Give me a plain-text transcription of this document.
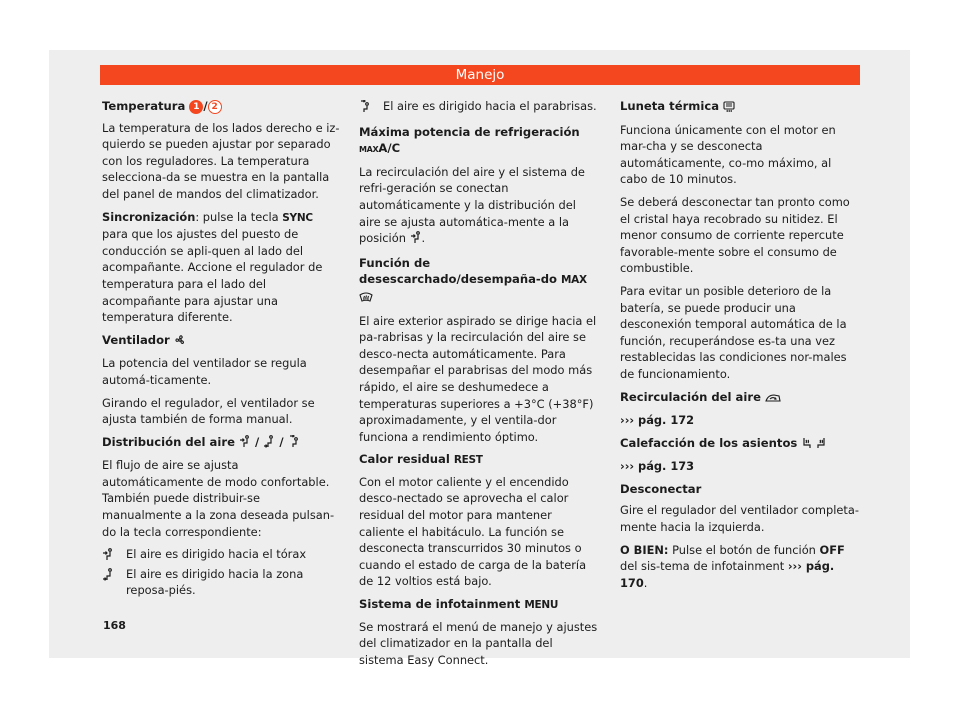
Manejo
Temperatura 1 / 2

La temperatura de los lados derecho e iz-quierdo se pueden ajustar por separado con los reguladores. La temperatura selecciona-da se muestra en la pantalla del panel de mandos del climatizador.

Sincronización: pulse la tecla SYNC para que los ajustes del puesto de conducción se apli-quen al lado del acompañante. Accione el regulador de temperatura para el lado del acompañante para ajustar una temperatura diferente.

Ventilador

La potencia del ventilador se regula automá-ticamente.

Girando el regulador, el ventilador se ajusta también de forma manual.

Distribución del aire  /  /

El flujo de aire se ajusta automáticamente de modo confortable. También puede distribuir-se manualmente a la zona deseada pulsan-do la tecla correspondiente:

El aire es dirigido hacia el tórax
El aire es dirigido hacia la zona reposa-piés.
El aire es dirigido hacia el parabrisas.
Máxima potencia de refrigeración MAXA/C

La recirculación del aire y el sistema de refri-geración se conectan automáticamente y la distribución del aire se ajusta automática-mente a la posición .

Función de desescarchado/desempaña-do MAX

El aire exterior aspirado se dirige hacia el pa-rabrisas y la recirculación del aire se desco-necta automáticamente. Para desempañar el parabrisas del modo más rápido, el aire se deshumedece a temperaturas superiores a +3°C (+38°F) aproximadamente, y el ventila-dor funciona a rendimiento óptimo.

Calor residual REST

Con el motor caliente y el encendido desco-nectado se aprovecha el calor residual del motor para mantener caliente el habitáculo. La función se desconecta transcurridos 30 minutos o cuando el estado de carga de la batería de 12 voltios está bajo.

Sistema de infotainment MENU

Se mostrará el menú de manejo y ajustes del climatizador en la pantalla del sistema Easy Connect.

Luneta térmica

Funciona únicamente con el motor en mar-cha y se desconecta automáticamente, co-mo máximo, al cabo de 10 minutos.

Se deberá desconectar tan pronto como el cristal haya recobrado su nitidez. El menor consumo de corriente repercute favorable-mente sobre el consumo de combustible.

Para evitar un posible deterioro de la batería, se puede producir una desconexión temporal automática de la función, recuperándose es-ta una vez restablecidas las condiciones nor-males de funcionamiento.

Recirculación del aire

››› pág. 172

Calefacción de los asientos

››› pág. 173

Desconectar

Gire el regulador del ventilador completa-mente hacia la izquierda.

O BIEN: Pulse el botón de función OFF del sis-tema de infotainment ››› pág. 170.

168
